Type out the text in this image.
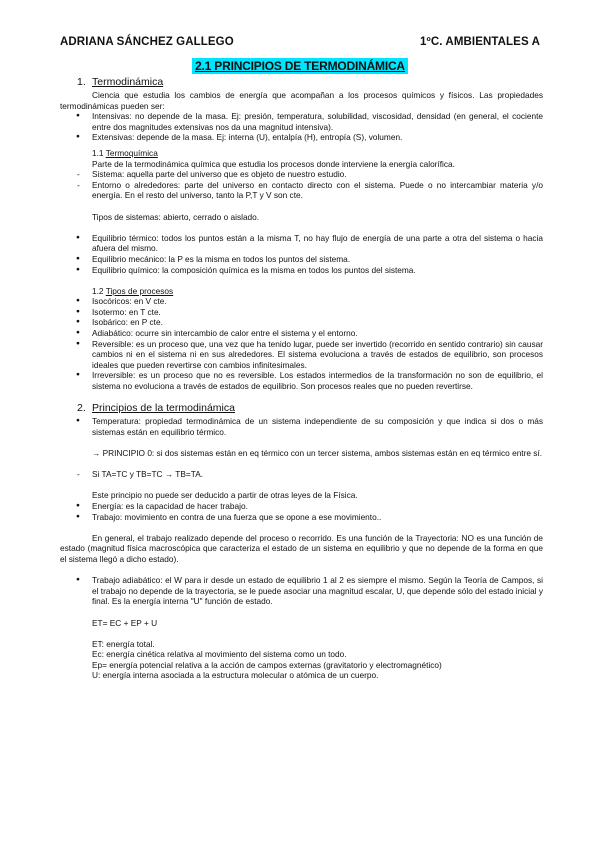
ADRIANA SÁNCHEZ GALLEGO	1ºC. AMBIENTALES A
2.1 PRINCIPIOS DE TERMODINÁMICA
1. Termodinámica

Ciencia que estudia los cambios de energía que acompañan a los procesos químicos y físicos. Las propiedades termodinámicas pueden ser:

● Intensivas: no depende de la masa. Ej: presión, temperatura, solubilidad, viscosidad, densidad (en general, el cociente entre dos magnitudes extensivas nos da una magnitud intensiva).
● Extensivas: depende de la masa. Ej: interna (U), entalpía (H), entropía (S), volumen.
1.1 Termoquímica

Parte de la termodinámica química que estudia los procesos donde interviene la energía calorífica.

- Sistema: aquella parte del universo que es objeto de nuestro estudio.
- Entorno o alrededores: parte del universo en contacto directo con el sistema. Puede o no intercambiar materia y/o energía. En el resto del universo, tanto la P,T y V son cte.

Tipos de sistemas: abierto, cerrado o aislado.

● Equilibrio térmico: todos los puntos están a la misma T, no hay flujo de energía de una parte a otra del sistema o hacia afuera del mismo.
● Equilibrio mecánico: la P es la misma en todos los puntos del sistema.
● Equilibrio químico: la composición química es la misma en todos los puntos del sistema.
1.2 Tipos de procesos
● Isocóricos: en V cte.
● Isotermo: en T cte.
● Isobárico: en P cte.
● Adiabático: ocurre sin intercambio de calor entre el sistema y el entorno.
● Reversible: es un proceso que, una vez que ha tenido lugar, puede ser invertido (recorrido en sentido contrario) sin causar cambios ni en el sistema ni en sus alrededores. El sistema evoluciona a través de estados de equilibrio, son procesos ideales que pueden revertirse con cambios infinitesimales.
● Irreversible: es un proceso que no es reversible. Los estados intermedios de la transformación no son de equilibrio, el sistema no evoluciona a través de estados de equilibrio. Son procesos reales que no pueden revertirse.
2. Principios de la termodinámica
● Temperatura: propiedad termodinámica de un sistema independiente de su composición y que indica si dos o más sistemas están en equilibrio térmico.

→ PRINCIPIO 0: si dos sistemas están en eq térmico con un tercer sistema, ambos sistemas están en eq térmico entre sí.

- Si TA=TC y TB=TC → TB=TA.

Este principio no puede ser deducido a partir de otras leyes de la Física.

● Energía: es la capacidad de hacer trabajo.
● Trabajo: movimiento en contra de una fuerza que se opone a ese movimiento..

En general, el trabajo realizado depende del proceso o recorrido. Es una función de la Trayectoria: NO es una función de estado (magnitud física macroscópica que caracteriza el estado de un sistema en equilibrio y que no depende de la forma en que el sistema llegó a dicho estado).

● Trabajo adiabático: el W para ir desde un estado de equilibrio 1 al 2 es siempre el mismo. Según la Teoría de Campos, si el trabajo no depende de la trayectoria, se le puede asociar una magnitud escalar, U, que depende sólo del estado inicial y final. Es la energía interna "U" función de estado.

ET= EC + EP + U

ET: energía total.

Ec: energía cinética relativa al movimiento del sistema como un todo.

Ep= energía potencial relativa a la acción de campos externas (gravitatorio y electromagnético)

U: energía interna asociada a la estructura molecular o atómica de un cuerpo.
